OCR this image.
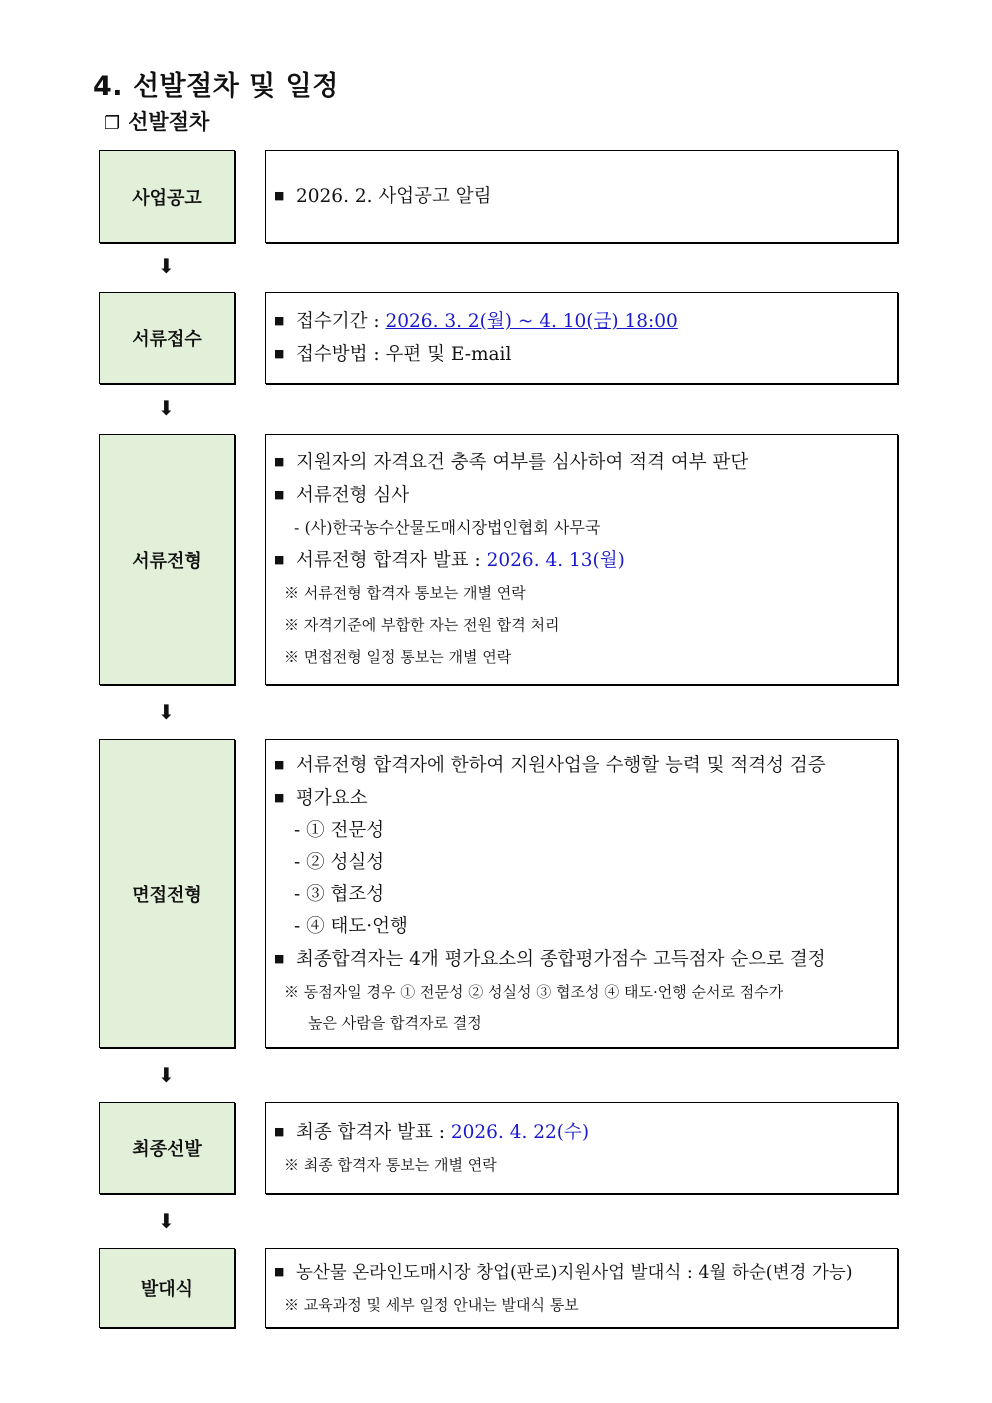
4. 선발절차 및 일정
❐ 선발절차
사업공고	■ 2026. 2. 사업공고 알림
⬇
서류접수
■ 접수기간 : 2026. 3. 2(월) ~ 4. 10(금) 18:00
■ 접수방법 : 우편 및 E-mail
⬇
서류전형
■ 지원자의 자격요건 충족 여부를 심사하여 적격 여부 판단
■ 서류전형 심사
- (사)한국농수산물도매시장법인협회 사무국
■ 서류전형 합격자 발표 : 2026. 4. 13(월)
※ 서류전형 합격자 통보는 개별 연락
※ 자격기준에 부합한 자는 전원 합격 처리
※ 면접전형 일정 통보는 개별 연락
⬇
면접전형
■ 서류전형 합격자에 한하여 지원사업을 수행할 능력 및 적격성 검증
■ 평가요소
- ① 전문성
- ② 성실성
- ③ 협조성
- ④ 태도·언행
■ 최종합격자는 4개 평가요소의 종합평가점수 고득점자 순으로 결정
※ 동점자일 경우 ① 전문성 ② 성실성 ③ 협조성 ④ 태도·언행 순서로 점수가
높은 사람을 합격자로 결정
⬇
최종선발
■ 최종 합격자 발표 : 2026. 4. 22(수)
※ 최종 합격자 통보는 개별 연락
⬇
발대식
■ 농산물 온라인도매시장 창업(판로)지원사업 발대식 : 4월 하순(변경 가능)
※ 교육과정 및 세부 일정 안내는 발대식 통보
